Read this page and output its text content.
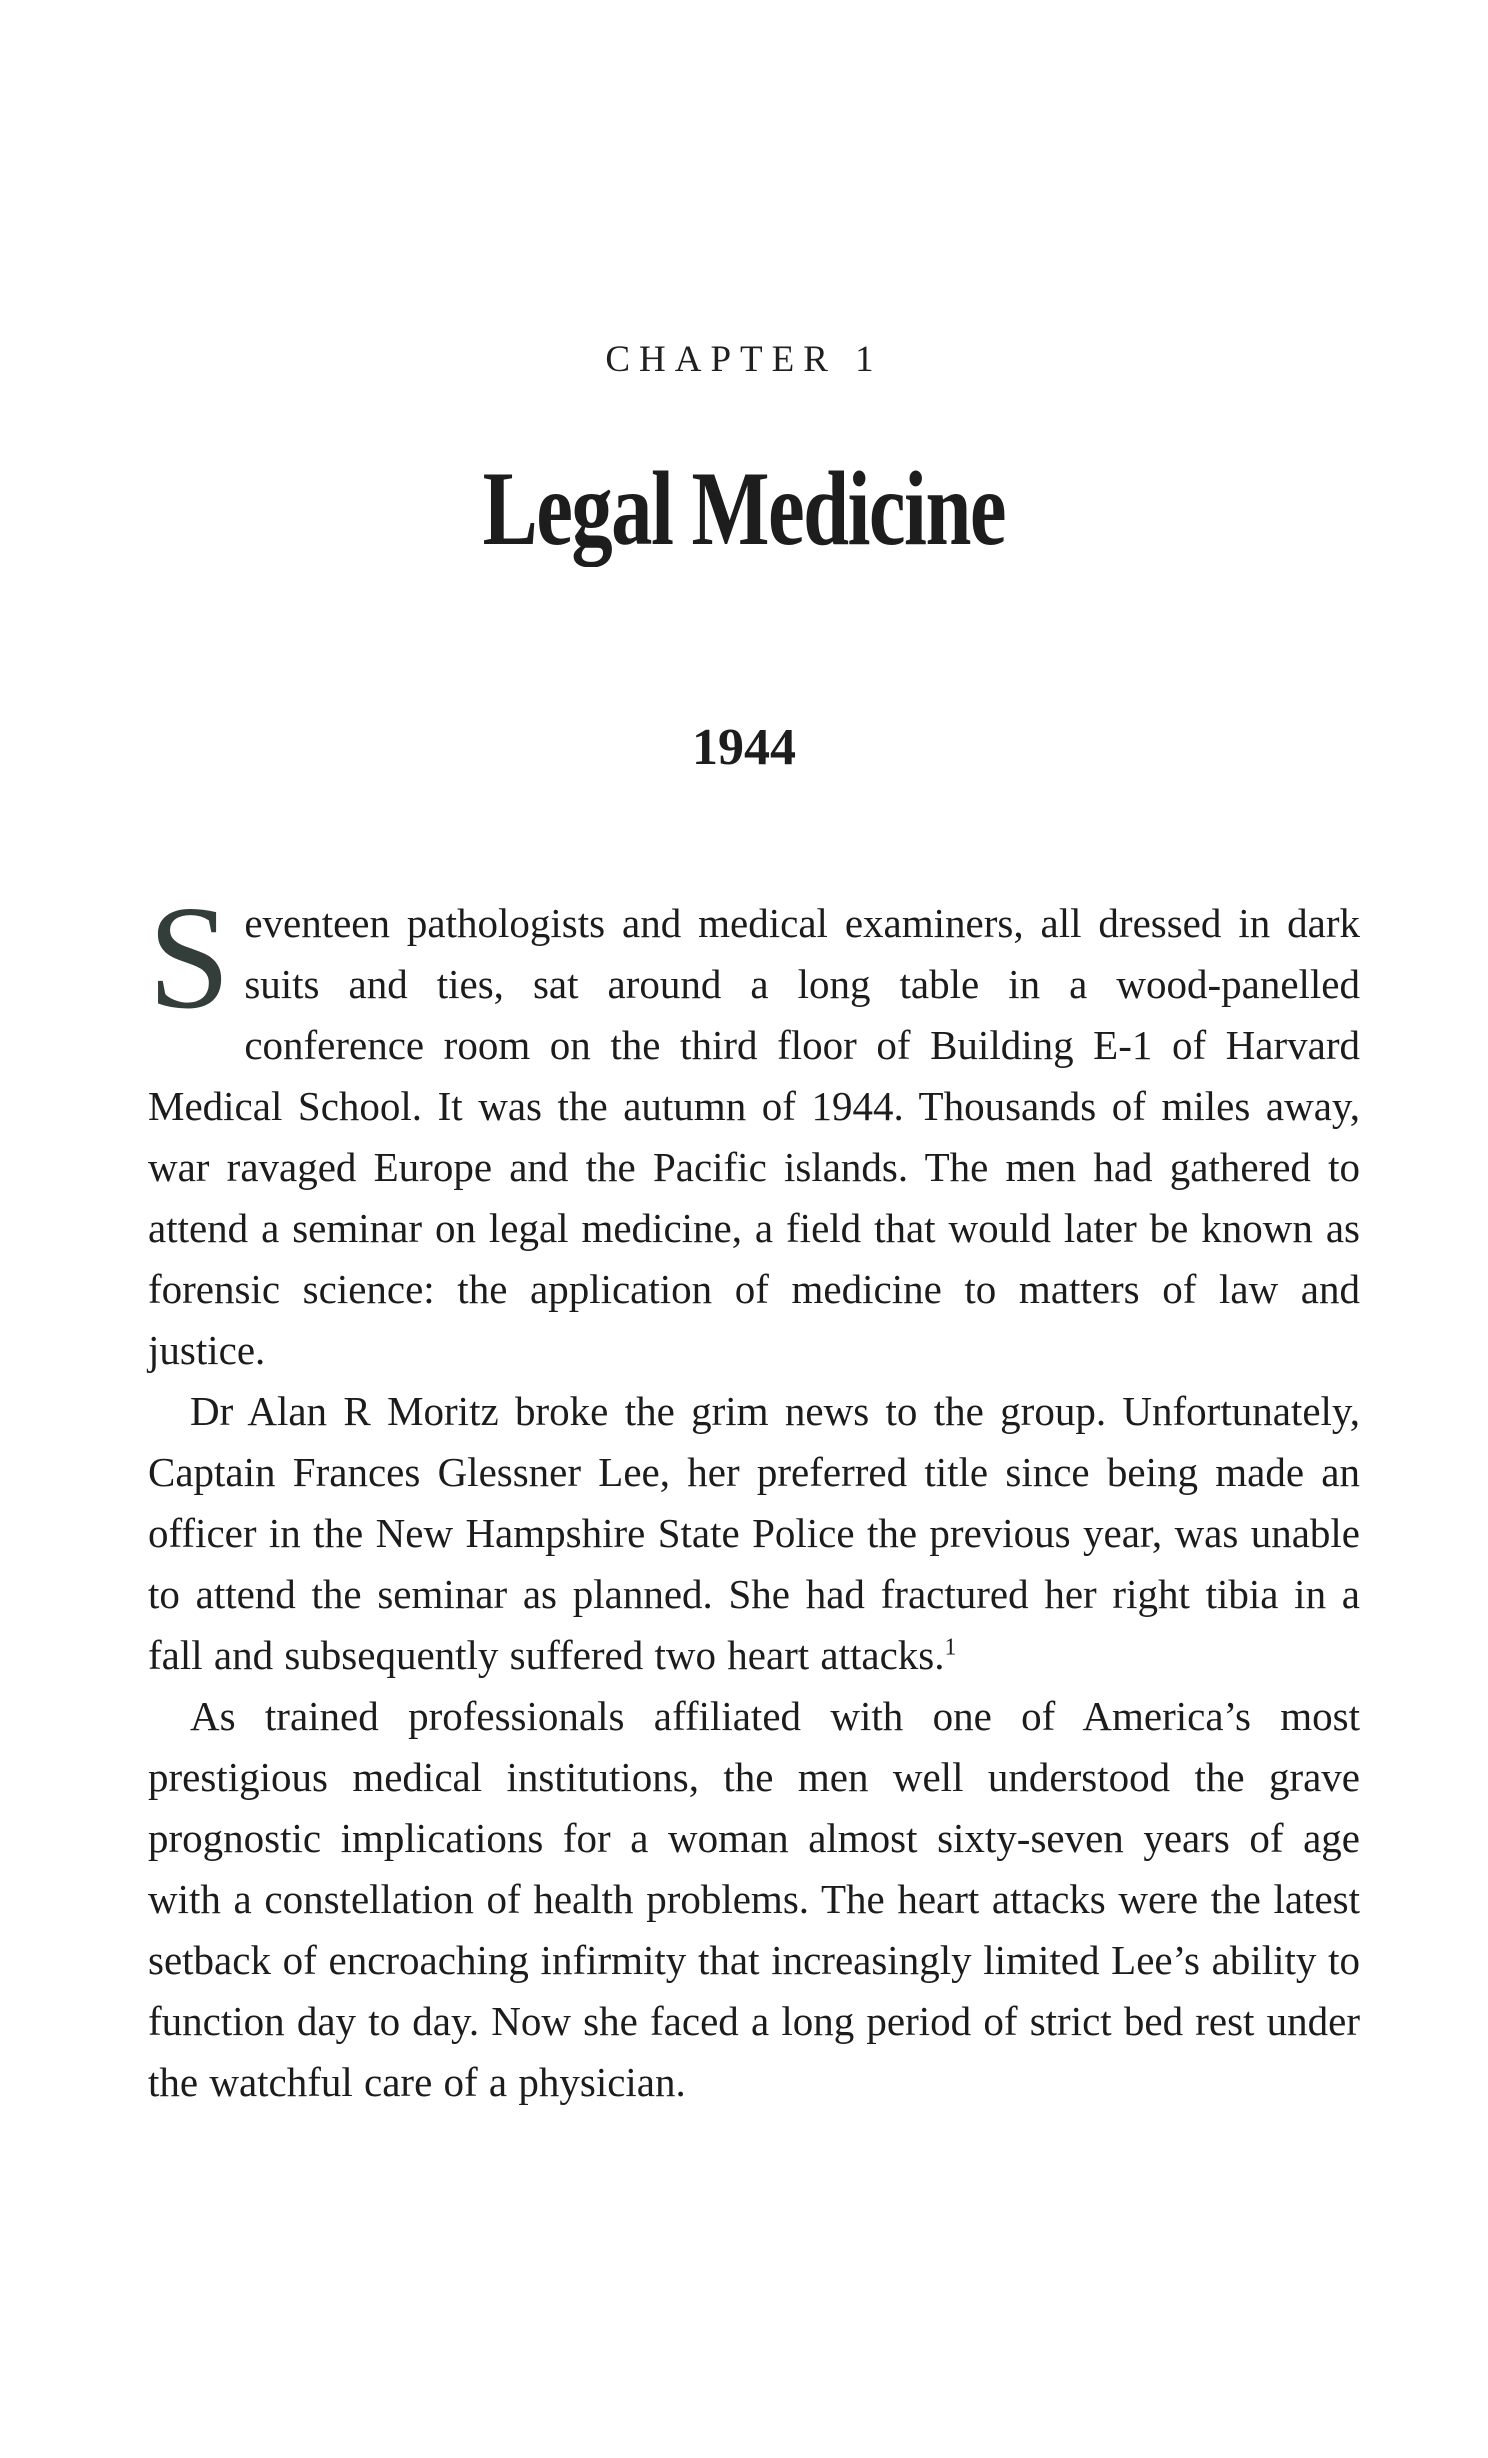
CHAPTER 1
Legal Medicine
1944

Seventeen pathologists and medical examiners, all dressed in dark suits and ties, sat around a long table in a wood-panelled conference room on the third floor of Building E-1 of Harvard Medical School. It was the autumn of 1944. Thousands of miles away, war ravaged Europe and the Pacific islands. The men had gathered to attend a seminar on legal medicine, a field that would later be known as forensic science: the application of medicine to matters of law and justice.

Dr Alan R Moritz broke the grim news to the group. Unfortunately, Captain Frances Glessner Lee, her preferred title since being made an officer in the New Hampshire State Police the previous year, was unable to attend the seminar as planned. She had fractured her right tibia in a fall and subsequently suffered two heart attacks.$^1$

As trained professionals affiliated with one of America’s most prestigious medical institutions, the men well understood the grave prognostic implications for a woman almost sixty-seven years of age with a constellation of health problems. The heart attacks were the latest setback of encroaching infirmity that increasingly limited Lee’s ability to function day to day. Now she faced a long period of strict bed rest under the watchful care of a physician.
